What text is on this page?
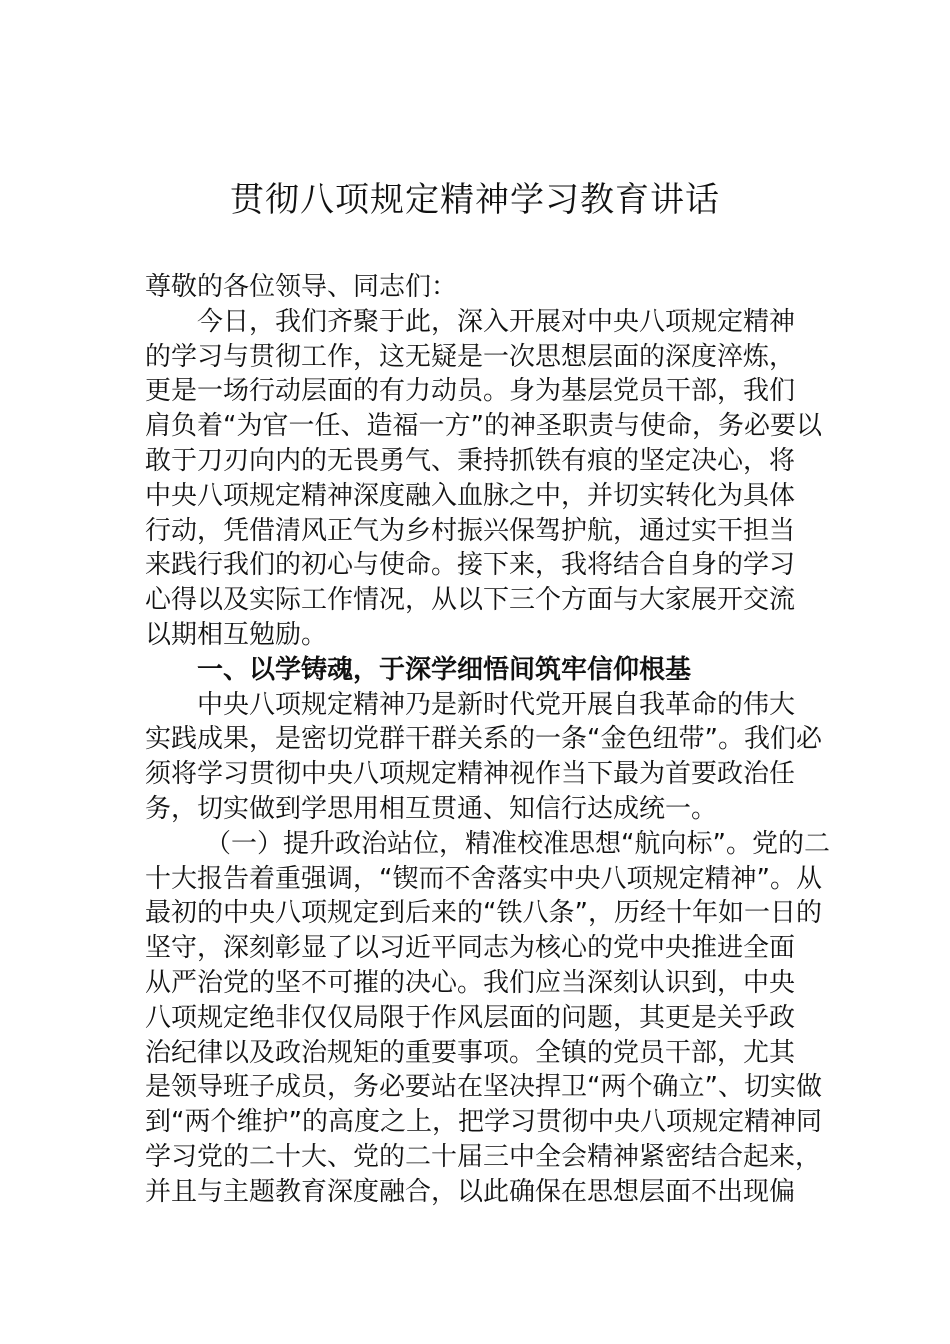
贯彻八项规定精神学习教育讲话
尊敬的各位领导、同志们：
今日，我们齐聚于此，深入开展对中央八项规定精神
的学习与贯彻工作，这无疑是一次思想层面的深度淬炼，
更是一场行动层面的有力动员。身为基层党员干部，我们
肩负着“为官一任、造福一方”的神圣职责与使命，务必要以
敢于刀刃向内的无畏勇气、秉持抓铁有痕的坚定决心，将
中央八项规定精神深度融入血脉之中，并切实转化为具体
行动，凭借清风正气为乡村振兴保驾护航，通过实干担当
来践行我们的初心与使命。接下来，我将结合自身的学习
心得以及实际工作情况，从以下三个方面与大家展开交流
以期相互勉励。
一、以学铸魂，于深学细悟间筑牢信仰根基
中央八项规定精神乃是新时代党开展自我革命的伟大
实践成果，是密切党群干群关系的一条“金色纽带”。我们必
须将学习贯彻中央八项规定精神视作当下最为首要政治任
务，切实做到学思用相互贯通、知信行达成统一。
（一）提升政治站位，精准校准思想“航向标”。党的二
十大报告着重强调，“锲而不舍落实中央八项规定精神”。从
最初的中央八项规定到后来的“铁八条”，历经十年如一日的
坚守，深刻彰显了以习近平同志为核心的党中央推进全面
从严治党的坚不可摧的决心。我们应当深刻认识到，中央
八项规定绝非仅仅局限于作风层面的问题，其更是关乎政
治纪律以及政治规矩的重要事项。全镇的党员干部，尤其
是领导班子成员，务必要站在坚决捍卫“两个确立”、切实做
到“两个维护”的高度之上，把学习贯彻中央八项规定精神同
学习党的二十大、党的二十届三中全会精神紧密结合起来，
并且与主题教育深度融合，以此确保在思想层面不出现偏
